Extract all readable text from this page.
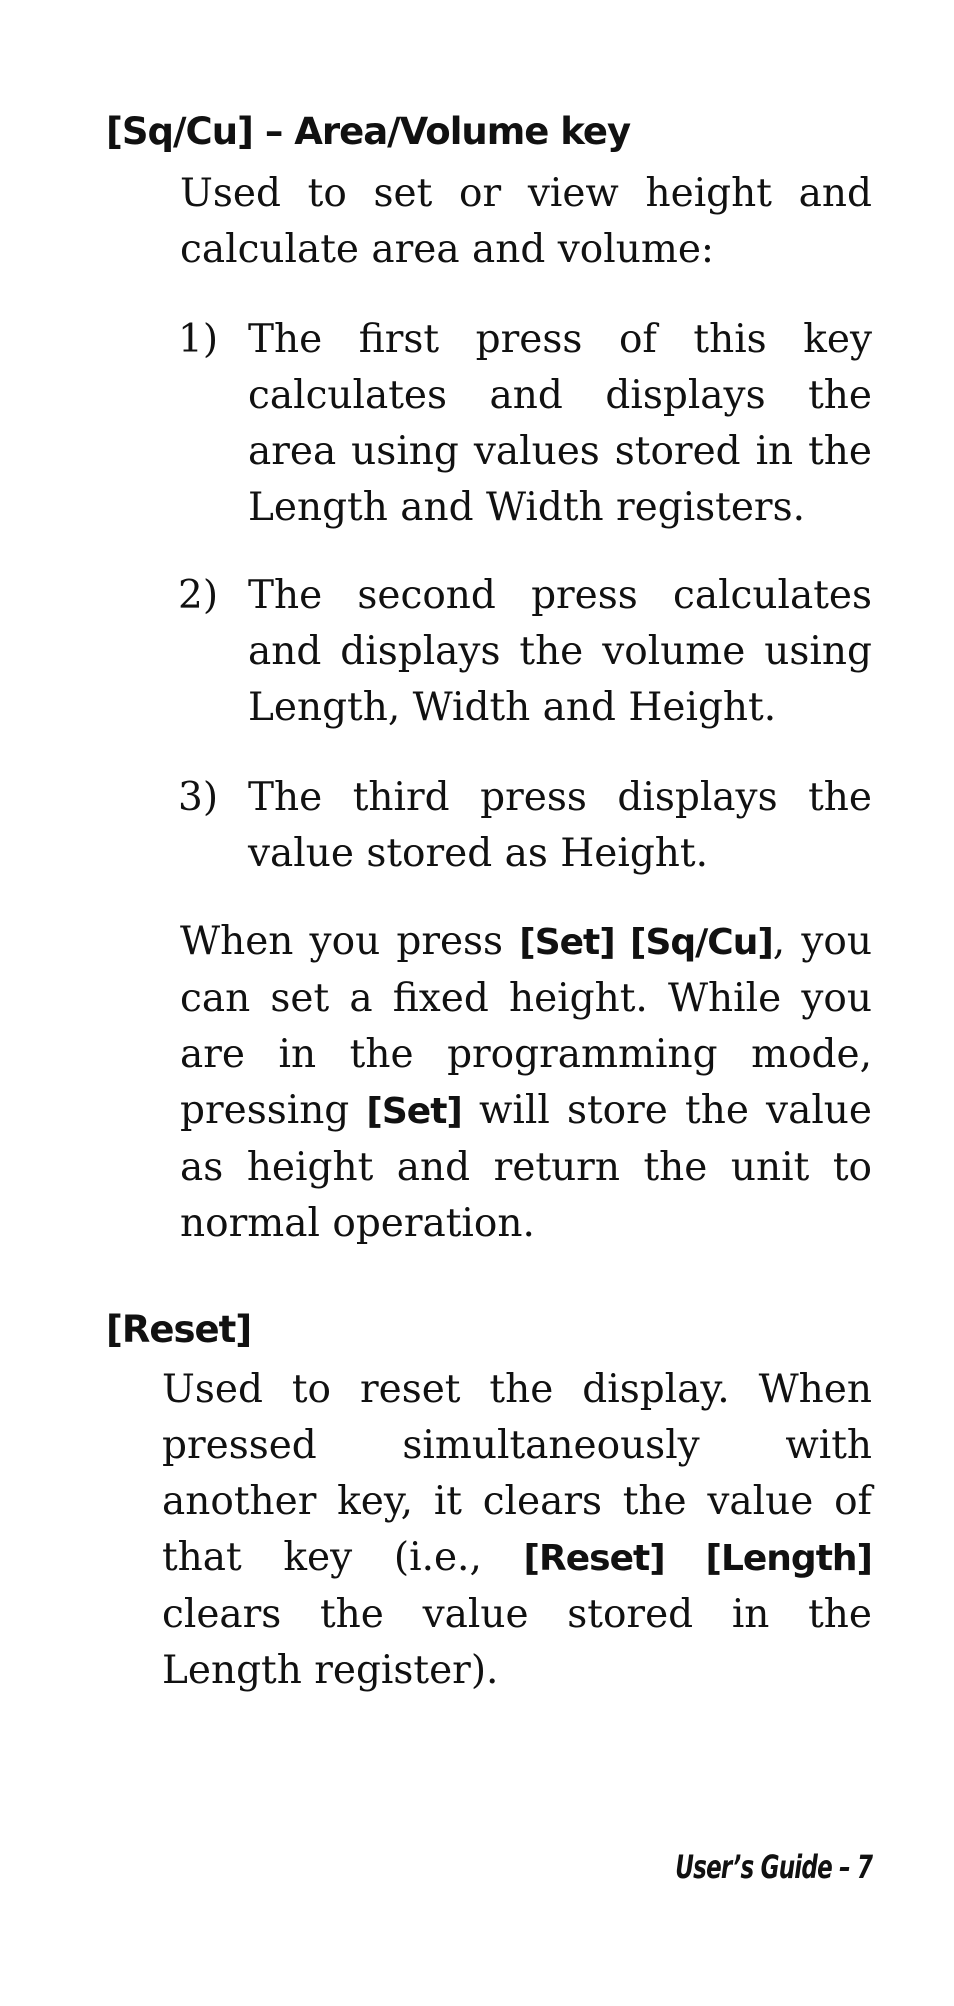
[Sq/Cu] – Area/Volume key

Used to set or view height and calculate area and volume:

1) The first press of this key calculates and displays the area using values stored in the Length and Width registers.
2) The second press calculates and displays the volume using Length, Width and Height.
3) The third press displays the value stored as Height.

When you press [Set] [Sq/Cu], you can set a fixed height. While you are in the programming mode, pressing [Set] will store the value as height and return the unit to normal operation.

[Reset]

Used to reset the display. When pressed simultaneously with another key, it clears the value of that key (i.e., [Reset] [Length] clears the value stored in the Length register).

User’s Guide – 7
